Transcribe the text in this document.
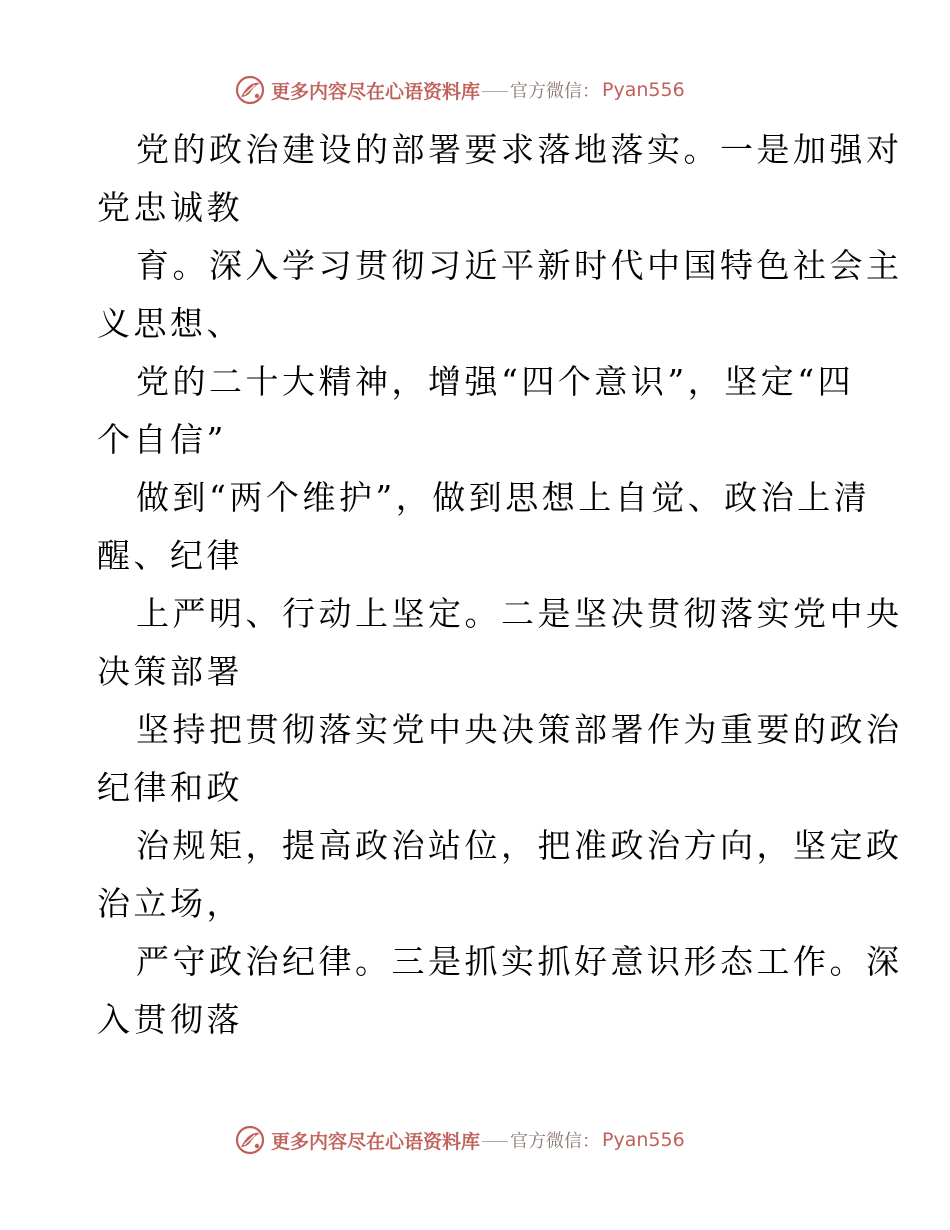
更多内容尽在心语资料库 官方微信： Pyan556
党的政治建设的部署要求落地落实。一是加强对
党忠诚教
育。深入学习贯彻习近平新时代中国特色社会主
义思想、
党的二十大精神，增强“四个意识”，坚定“四
个自信”
做到“两个维护”，做到思想上自觉、政治上清
醒、纪律
上严明、行动上坚定。二是坚决贯彻落实党中央
决策部署
坚持把贯彻落实党中央决策部署作为重要的政治
纪律和政
治规矩，提高政治站位，把准政治方向，坚定政
治立场，
严守政治纪律。三是抓实抓好意识形态工作。深
入贯彻落
更多内容尽在心语资料库 官方微信： Pyan556
